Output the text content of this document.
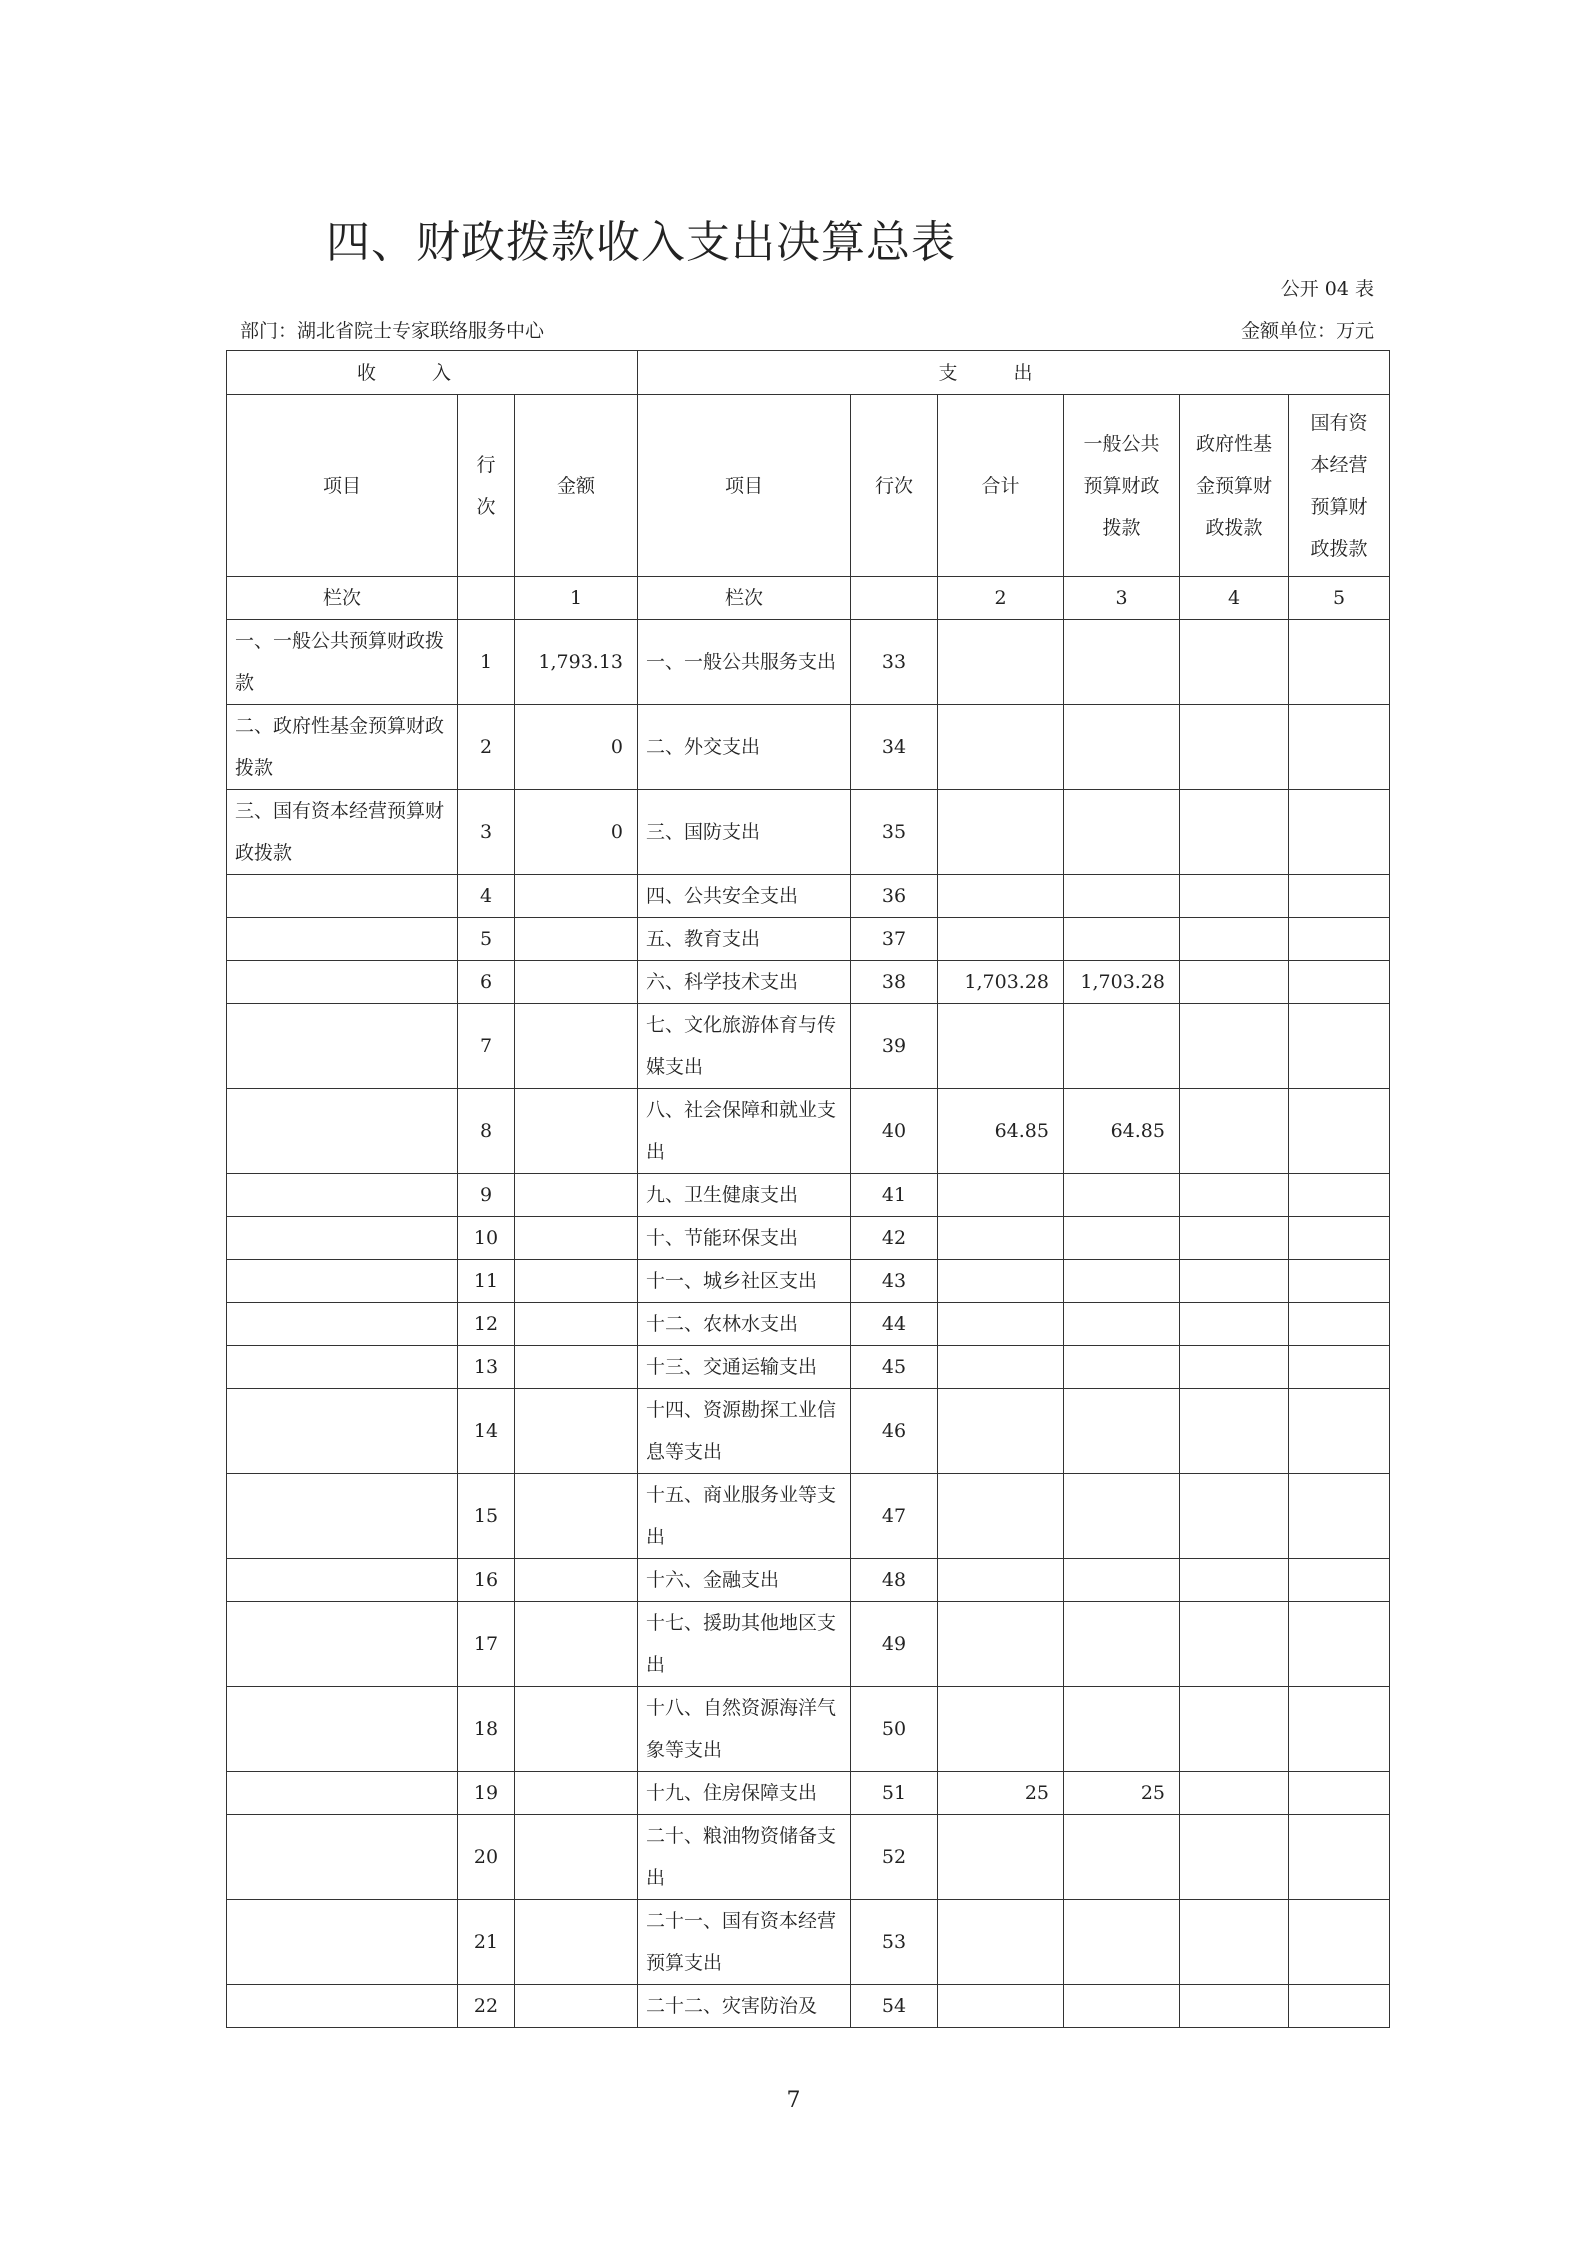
四、财政拨款收入支出决算总表
公开 04 表
部门：湖北省院士专家联络服务中心	金额单位：万元
收入			支出					
项目	行次	金额	项目	行次	合计	一般公共预算财政拨款	政府性基金预算财政拨款	国有资本经营预算财政拨款
栏次		1	栏次		2	3	4	5
一、一般公共预算财政拨款	1	1,793.13	一、一般公共服务支出	33				
二、政府性基金预算财政拨款	2	0	二、外交支出	34				
三、国有资本经营预算财政拨款	3	0	三、国防支出	35				
	4		四、公共安全支出	36				
	5		五、教育支出	37				
	6		六、科学技术支出	38	1,703.28	1,703.28		
	7		七、文化旅游体育与传媒支出	39				
	8		八、社会保障和就业支出	40	64.85	64.85		
	9		九、卫生健康支出	41				
	10		十、节能环保支出	42				
	11		十一、城乡社区支出	43				
	12		十二、农林水支出	44				
	13		十三、交通运输支出	45				
	14		十四、资源勘探工业信息等支出	46				
	15		十五、商业服务业等支出	47				
	16		十六、金融支出	48				
	17		十七、援助其他地区支出	49				
	18		十八、自然资源海洋气象等支出	50				
	19		十九、住房保障支出	51	25	25		
	20		二十、粮油物资储备支出	52				
	21		二十一、国有资本经营预算支出	53				
	22		二十二、灾害防治及	54				
7
